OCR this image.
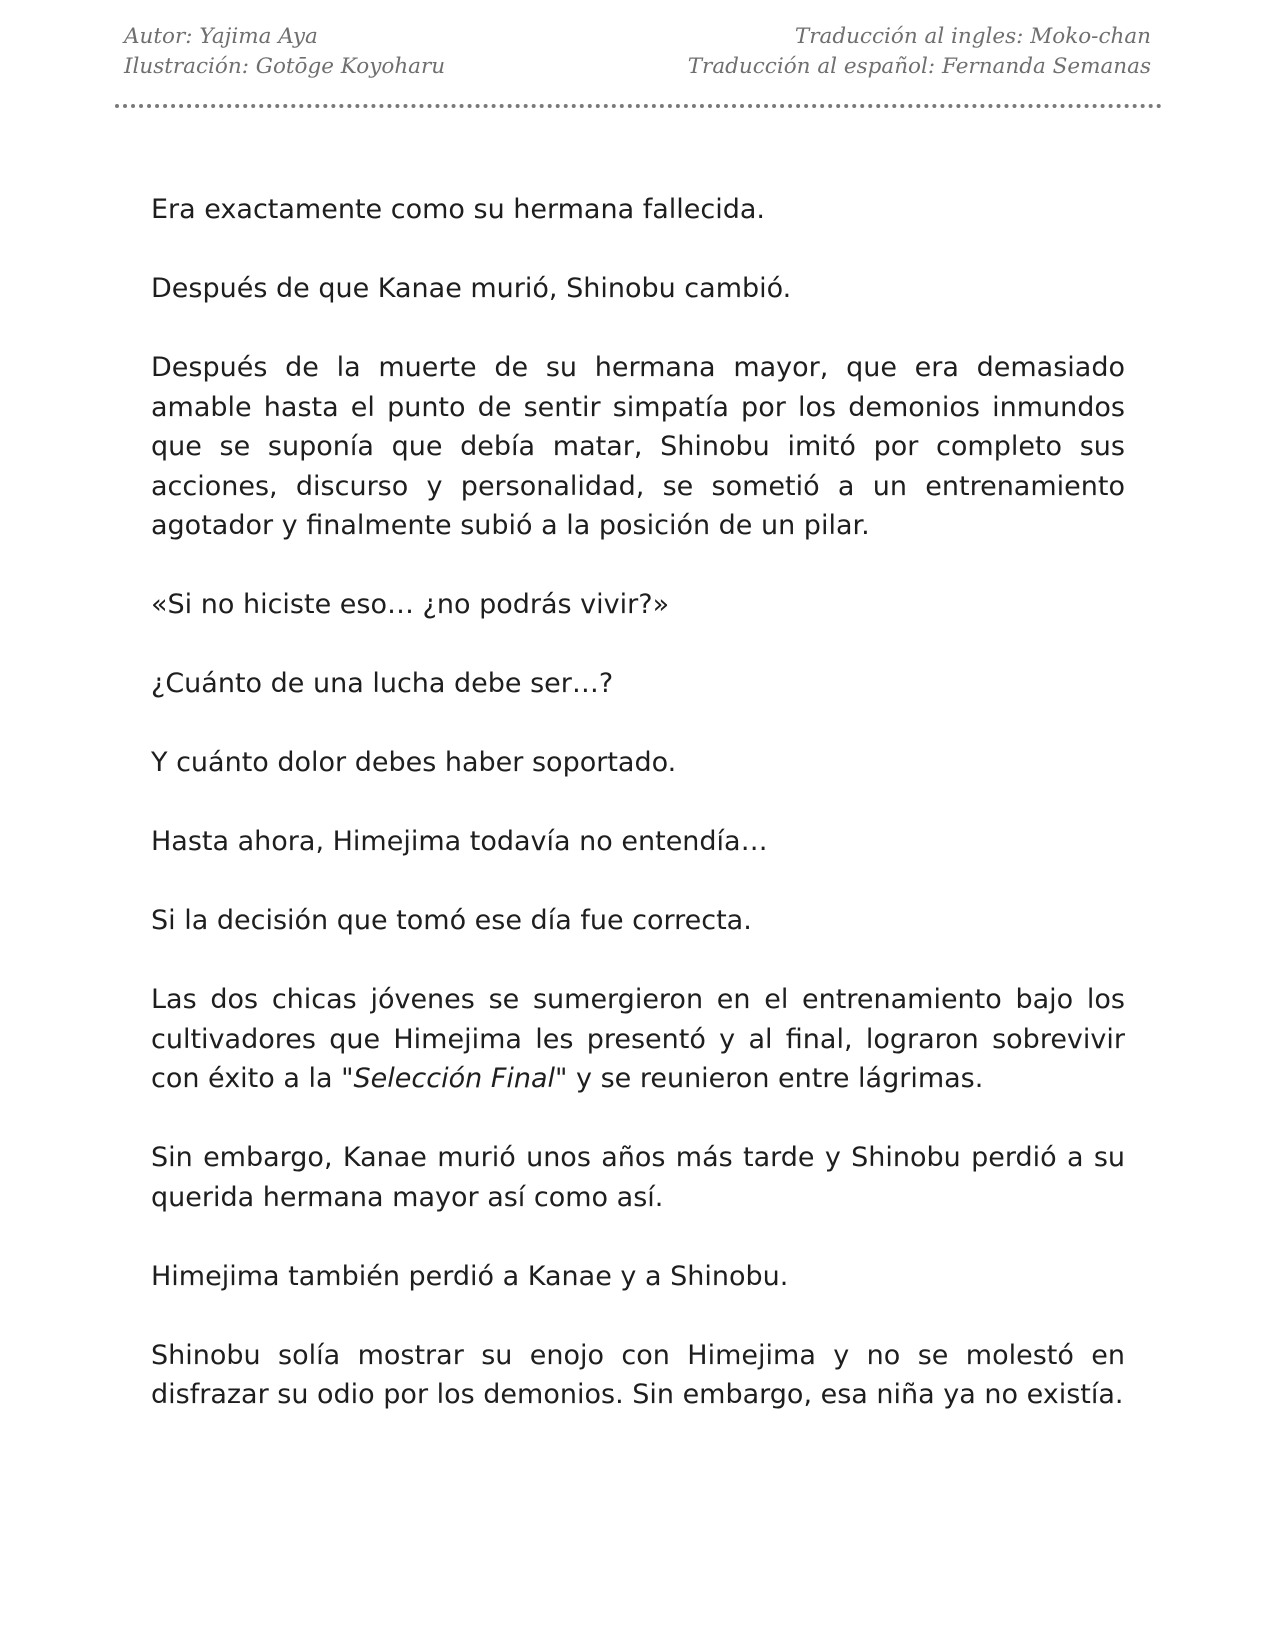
Autor: Yajima Aya
Ilustración: Gotōge Koyoharu
Traducción al ingles: Moko-chan
Traducción al español: Fernanda Semanas

Era exactamente como su hermana fallecida.

Después de que Kanae murió, Shinobu cambió.

Después de la muerte de su hermana mayor, que era demasiado amable hasta el punto de sentir simpatía por los demonios inmundos que se suponía que debía matar, Shinobu imitó por completo sus acciones, discurso y personalidad, se sometió a un entrenamiento agotador y finalmente subió a la posición de un pilar.

«Si no hiciste eso… ¿no podrás vivir?»

¿Cuánto de una lucha debe ser…?

Y cuánto dolor debes haber soportado.

Hasta ahora, Himejima todavía no entendía…

Si la decisión que tomó ese día fue correcta.

Las dos chicas jóvenes se sumergieron en el entrenamiento bajo los cultivadores que Himejima les presentó y al final, lograron sobrevivir con éxito a la "Selección Final" y se reunieron entre lágrimas.

Sin embargo, Kanae murió unos años más tarde y Shinobu perdió a su querida hermana mayor así como así.

Himejima también perdió a Kanae y a Shinobu.

Shinobu solía mostrar su enojo con Himejima y no se molestó en disfrazar su odio por los demonios. Sin embargo, esa niña ya no existía.
